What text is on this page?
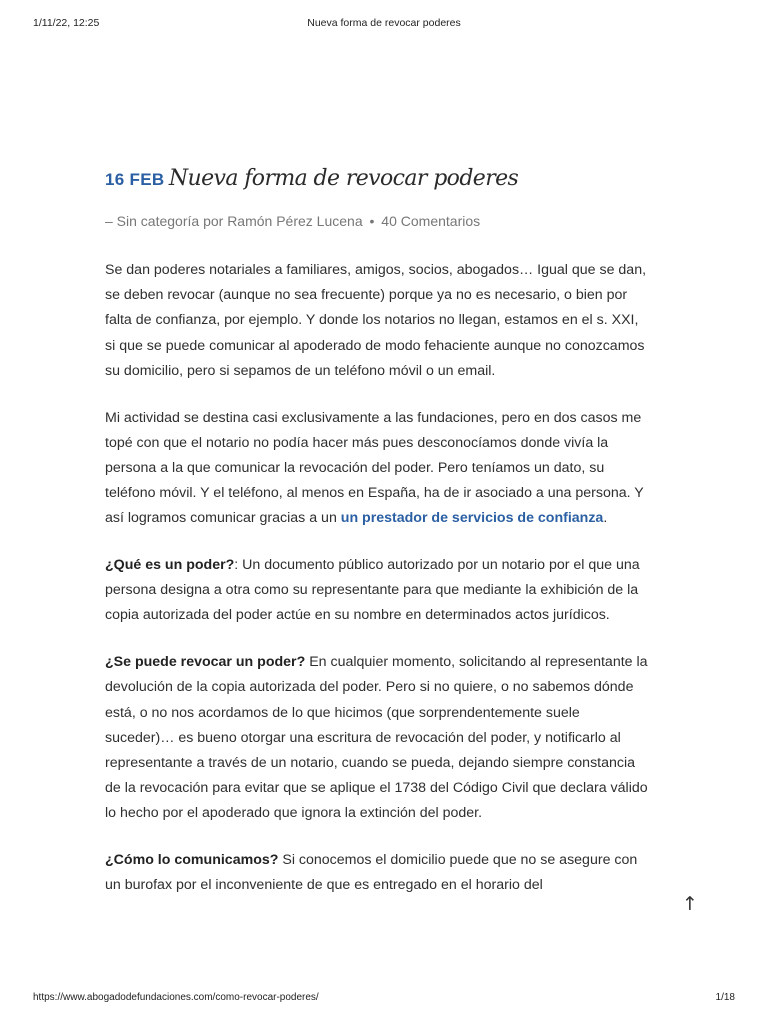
1/11/22, 12:25	Nueva forma de revocar poderes
16 FEB Nueva forma de revocar poderes
– Sin categoría por Ramón Pérez Lucena • 40 Comentarios

Se dan poderes notariales a familiares, amigos, socios, abogados… Igual que se dan, se deben revocar (aunque no sea frecuente) porque ya no es necesario, o bien por falta de confianza, por ejemplo. Y donde los notarios no llegan, estamos en el s. XXI, si que se puede comunicar al apoderado de modo fehaciente aunque no conozcamos su domicilio, pero si sepamos de un teléfono móvil o un email.

Mi actividad se destina casi exclusivamente a las fundaciones, pero en dos casos me topé con que el notario no podía hacer más pues desconocíamos donde vivía la persona a la que comunicar la revocación del poder. Pero teníamos un dato, su teléfono móvil. Y el teléfono, al menos en España, ha de ir asociado a una persona. Y así logramos comunicar gracias a un un prestador de servicios de confianza.

¿Qué es un poder?: Un documento público autorizado por un notario por el que una persona designa a otra como su representante para que mediante la exhibición de la copia autorizada del poder actúe en su nombre en determinados actos jurídicos.

¿Se puede revocar un poder? En cualquier momento, solicitando al representante la devolución de la copia autorizada del poder. Pero si no quiere, o no sabemos dónde está, o no nos acordamos de lo que hicimos (que sorprendentemente suele suceder)… es bueno otorgar una escritura de revocación del poder, y notificarlo al representante a través de un notario, cuando se pueda, dejando siempre constancia de la revocación para evitar que se aplique el 1738 del Código Civil que declara válido lo hecho por el apoderado que ignora la extinción del poder.

¿Cómo lo comunicamos? Si conocemos el domicilio puede que no se asegure con un burofax por el inconveniente de que es entregado en el horario del

↑
https://www.abogadodefundaciones.com/como-revocar-poderes/	1/18
